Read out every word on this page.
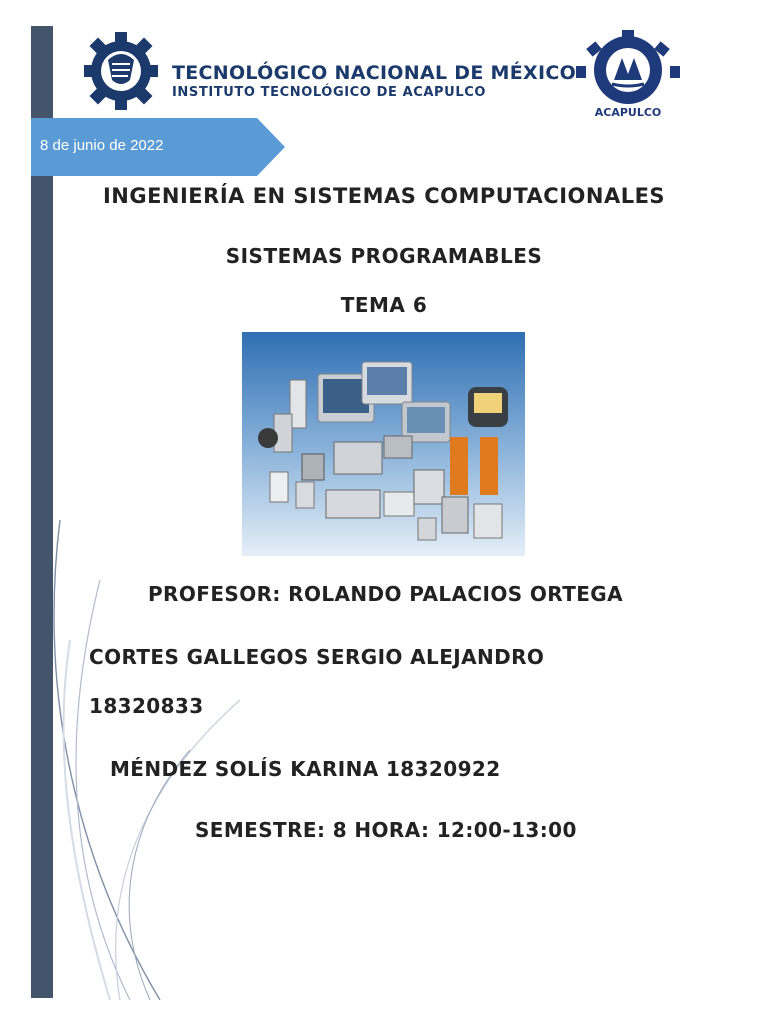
TECNOLÓGICO NACIONAL DE MÉXICO
INSTITUTO TECNOLÓGICO DE ACAPULCO
ACAPULCO
8 de junio de 2022
INGENIERÍA EN SISTEMAS COMPUTACIONALES
SISTEMAS PROGRAMABLES
TEMA 6
PROFESOR: ROLANDO PALACIOS ORTEGA
CORTES GALLEGOS SERGIO ALEJANDRO
18320833
MÉNDEZ SOLÍS KARINA 18320922
SEMESTRE: 8 HORA: 12:00-13:00
